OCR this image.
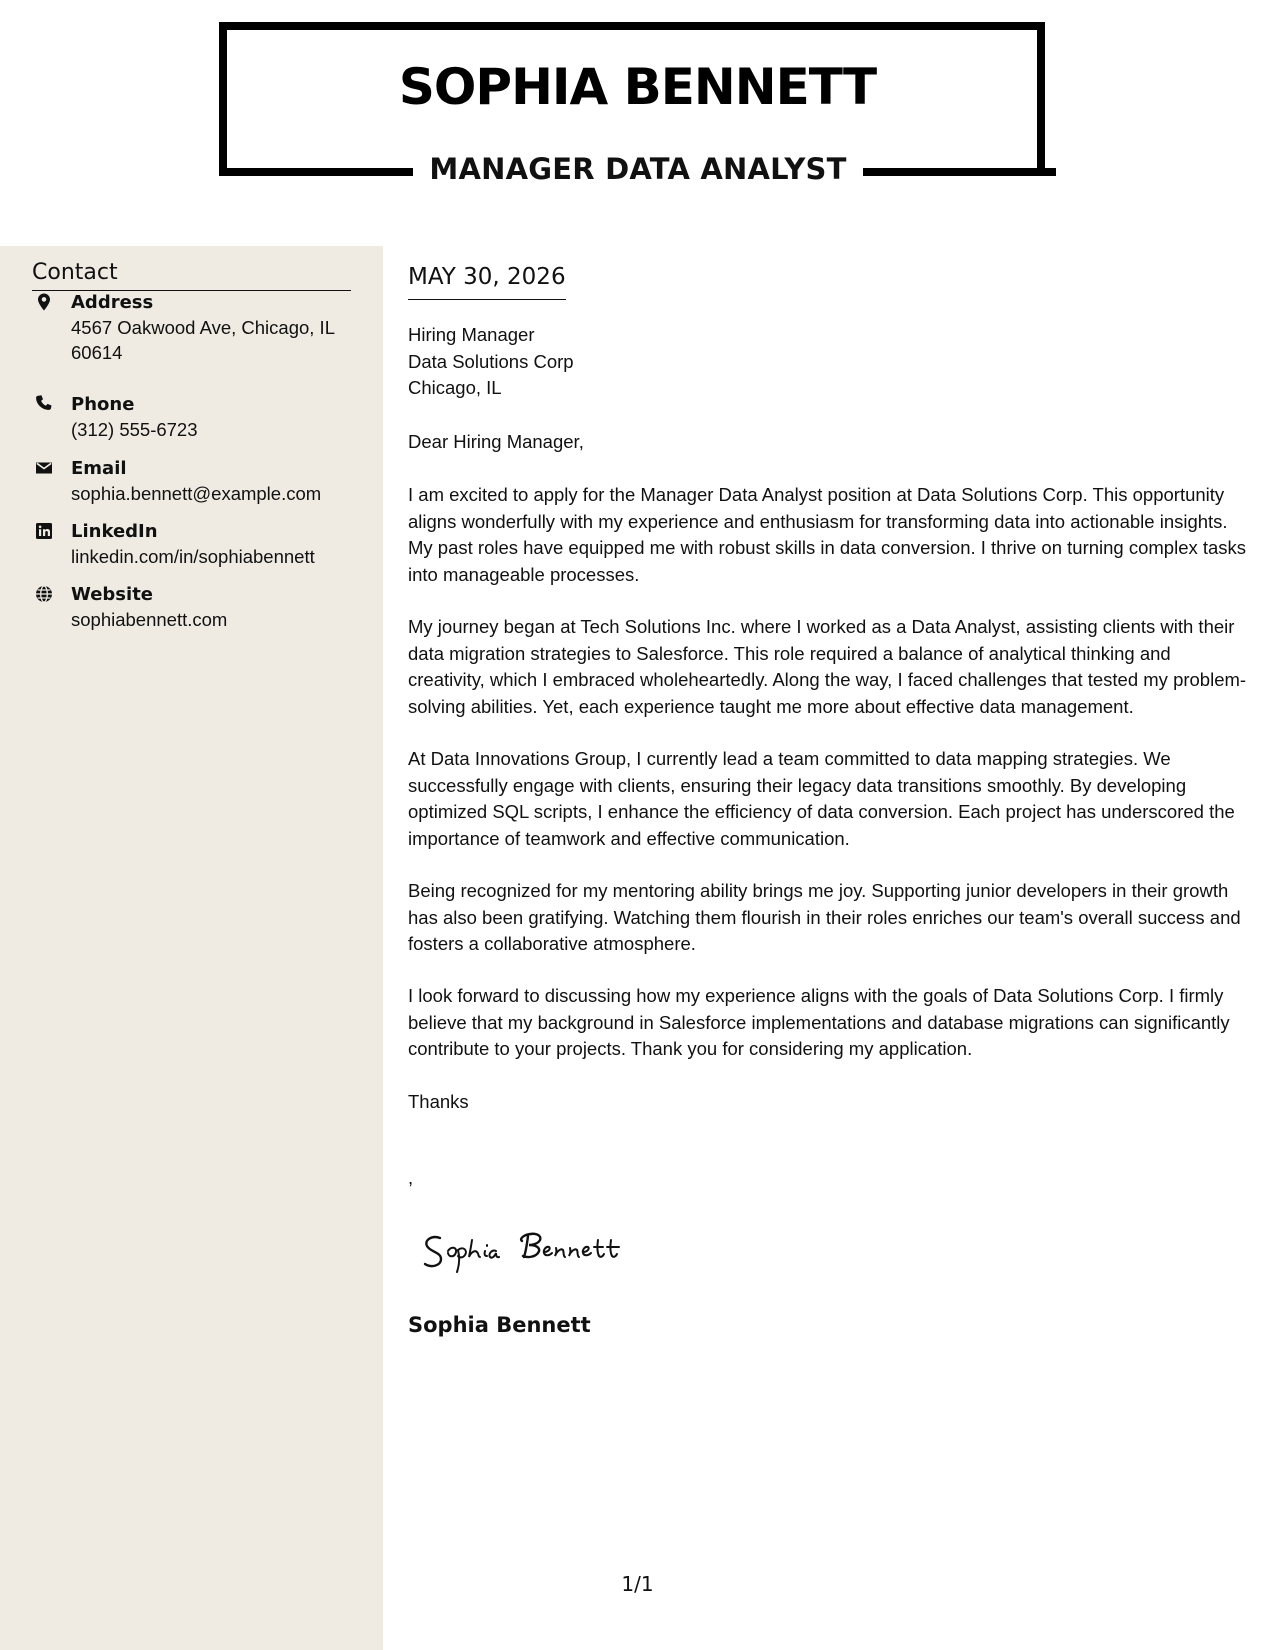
SOPHIA BENNETT
MANAGER DATA ANALYST
Contact
Address
4567 Oakwood Ave, Chicago, IL 60614
Phone
(312) 555-6723
Email
sophia.bennett@example.com
LinkedIn
linkedin.com/in/sophiabennett
Website
sophiabennett.com
MAY 30, 2026
Hiring Manager
Data Solutions Corp
Chicago, IL
Dear Hiring Manager,

I am excited to apply for the Manager Data Analyst position at Data Solutions Corp. This opportunity aligns wonderfully with my experience and enthusiasm for transforming data into actionable insights. My past roles have equipped me with robust skills in data conversion. I thrive on turning complex tasks into manageable processes.

My journey began at Tech Solutions Inc. where I worked as a Data Analyst, assisting clients with their data migration strategies to Salesforce. This role required a balance of analytical thinking and creativity, which I embraced wholeheartedly. Along the way, I faced challenges that tested my problem-solving abilities. Yet, each experience taught me more about effective data management.

At Data Innovations Group, I currently lead a team committed to data mapping strategies. We successfully engage with clients, ensuring their legacy data transitions smoothly. By developing optimized SQL scripts, I enhance the efficiency of data conversion. Each project has underscored the importance of teamwork and effective communication.

Being recognized for my mentoring ability brings me joy. Supporting junior developers in their growth has also been gratifying. Watching them flourish in their roles enriches our team's overall success and fosters a collaborative atmosphere.

I look forward to discussing how my experience aligns with the goals of Data Solutions Corp. I firmly believe that my background in Salesforce implementations and database migrations can significantly contribute to your projects. Thank you for considering my application.

Thanks
,
Sophia Bennett
1/1
